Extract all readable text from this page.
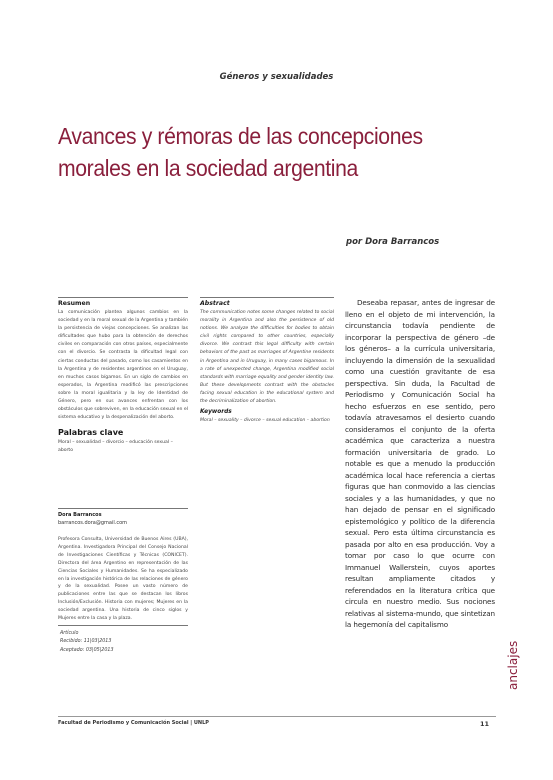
Géneros y sexualidades
Avances y rémoras de las concepciones
morales en la sociedad argentina
por Dora Barrancos
Resumen
La comunicación plantea algunos cambios en la sociedad y en la moral sexual de la Argentina y también la persistencia de viejas concepciones. Se analizan las dificultades que hubo para la obtención de derechos civiles en comparación con otros países, especialmente con el divorcio. Se contrasta la dificultad legal con ciertas conductas del pasado, como los casamientos en la Argentina y de residentes argentinos en el Uruguay, en muchos casos bígamos. En un siglo de cambios en esperados, la Argentina modificó las prescripciones sobre la moral igualitaria y la ley de Identidad de Género, pero en sus avances enfrentan con los obstáculos que sobreviven, en la educación sexual en el sistema educativo y la despenalización del aborto.
Palabras clave
Moral – sexualidad – divorcio – educación sexual – aborto
Abstract
The communication notes some changes related to social morality in Argentina and also the persistence of old notions. We analyze the difficulties for bodies to obtain civil rights compared to other countries, especially divorce. We contrast this legal difficulty with certain behaviors of the past as marriages of Argentine residents in Argentina and in Uruguay, in many cases bigamous. In a rate of unexpected change, Argentina modified social standards with marriage equality and gender identity law. But these developments contrast with the obstacles facing sexual education in the educational system and the decriminalization of abortion.
Keywords
Moral – sexuality – divorce – sexual education – abortion
Dora Barrancos
barrancos.dora@gmail.com
Profesora Consulta, Universidad de Buenos Aires (UBA), Argentina. Investigadora Principal del Consejo Nacional de Investigaciones Científicas y Técnicas (CONICET). Directora del área Argentino en representación de las Ciencias Sociales y Humanidades. Se ha especializado en la investigación histórica de las relaciones de género y de la sexualidad. Posee un vasto número de publicaciones entre las que se destacan los libros Inclusión/Exclusión. Historia con mujeres; Mujeres en la sociedad argentina. Una historia de cinco siglos y Mujeres entre la casa y la plaza.
Artículo
Recibido: 11|03|2013
Aceptado: 03|05|2013

Deseaba repasar, antes de ingresar de lleno en el objeto de mi intervención, la circunstancia todavía pendiente de incorporar la perspectiva de género –de los géneros– a la currícula universitaria, incluyendo la dimensión de la sexualidad como una cuestión gravitante de esa perspectiva. Sin duda, la Facultad de Periodismo y Comunicación Social ha hecho esfuerzos en ese sentido, pero todavía atravesamos el desierto cuando consideramos el conjunto de la oferta académica que caracteriza a nuestra formación universitaria de grado. Lo notable es que a menudo la producción académica local hace referencia a ciertas figuras que han conmovido a las ciencias sociales y a las humanidades, y que no han dejado de pensar en el significado epistemológico y político de la diferencia sexual. Pero esta última circunstancia es pasada por alto en esa producción. Voy a tomar por caso lo que ocurre con Immanuel Wallerstein, cuyos aportes resultan ampliamente citados y referendados en la literatura crítica que circula en nuestro medio. Sus nociones relativas al sistema-mundo, que sintetizan la hegemonía del capitalismo

anclajes
Facultad de Periodismo y Comunicación Social | UNLP	11
